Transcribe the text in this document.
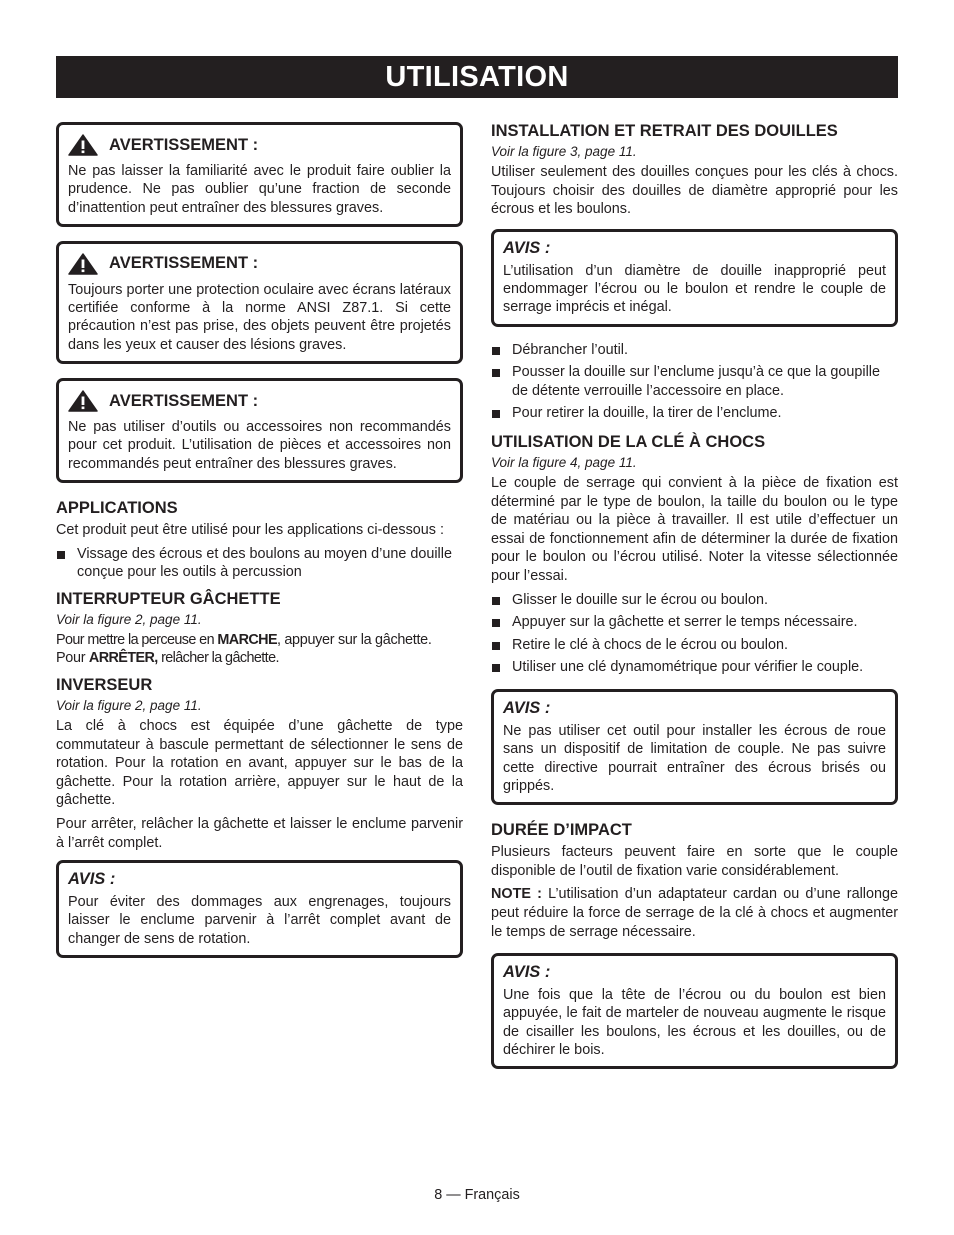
UTILISATION
AVERTISSEMENT :

Ne pas laisser la familiarité avec le produit faire oublier la prudence. Ne pas oublier qu’une fraction de seconde d’inattention peut entraîner des blessures graves.

AVERTISSEMENT :

Toujours porter une protection oculaire avec écrans latéraux certifiée conforme à la norme ANSI Z87.1. Si cette précaution n’est pas prise, des objets peuvent être projetés dans les yeux et causer des lésions graves.

AVERTISSEMENT :

Ne pas utiliser d’outils ou accessoires non recommandés pour cet produit. L’utilisation de pièces et accessoires non recommandés peut entraîner des blessures graves.

APPLICATIONS

Cet produit peut être utilisé pour les applications ci-dessous :

Vissage des écrous et des boulons au moyen d’une douille conçue pour les outils à percussion
INTERRUPTEUR GÂCHETTE

Voir la figure 2, page 11.

Pour mettre la perceuse en MARCHE, appuyer sur la gâchette. Pour ARRÊTER, relâcher la gâchette.

INVERSEUR

Voir la figure 2, page 11.

La clé à chocs est équipée d’une gâchette de type commutateur à bascule permettant de sélectionner le sens de rotation. Pour la rotation en avant, appuyer sur le bas de la gâchette. Pour la rotation arrière, appuyer sur le haut de la gâchette.

Pour arrêter, relâcher la gâchette et laisser le enclume parvenir à l’arrêt complet.

AVIS :

Pour éviter des dommages aux engrenages, toujours laisser le enclume parvenir à l’arrêt complet avant de changer de sens de rotation.

INSTALLATION ET RETRAIT DES DOUILLES

Voir la figure 3, page 11.

Utiliser seulement des douilles conçues pour les clés à chocs. Toujours choisir des douilles de diamètre approprié pour les écrous et les boulons.

AVIS :

L’utilisation d’un diamètre de douille inapproprié peut endommager l’écrou ou le boulon et rendre le couple de serrage imprécis et inégal.

Débrancher l’outil.
Pousser la douille sur l’enclume jusqu’à ce que la goupille de détente verrouille l’accessoire en place.
Pour retirer la douille, la tirer de l’enclume.
UTILISATION DE LA CLÉ À CHOCS

Voir la figure 4, page 11.

Le couple de serrage qui convient à la pièce de fixation est déterminé par le type de boulon, la taille du boulon ou le type de matériau ou la pièce à travailler. Il est utile d’effectuer un essai de fonctionnement afin de déterminer la durée de fixation pour le boulon ou l’écrou utilisé. Noter la vitesse sélectionnée pour l’essai.

Glisser le douille sur le écrou ou boulon.
Appuyer sur la gâchette et serrer le temps nécessaire.
Retire le clé à chocs de le écrou ou boulon.
Utiliser une clé dynamométrique pour vérifier le couple.
AVIS :

Ne pas utiliser cet outil pour installer les écrous de roue sans un dispositif de limitation de couple. Ne pas suivre cette directive pourrait entraîner des écrous brisés ou grippés.

DURÉE D’IMPACT

Plusieurs facteurs peuvent faire en sorte que le couple disponible de l’outil de fixation varie considérablement.

NOTE : L’utilisation d’un adaptateur cardan ou d’une rallonge peut réduire la force de serrage de la clé à chocs et augmenter le temps de serrage nécessaire.

AVIS :

Une fois que la tête de l’écrou ou du boulon est bien appuyée, le fait de marteler de nouveau augmente le risque de cisailler les boulons, les écrous et les douilles, ou de déchirer le bois.

8 — Français
